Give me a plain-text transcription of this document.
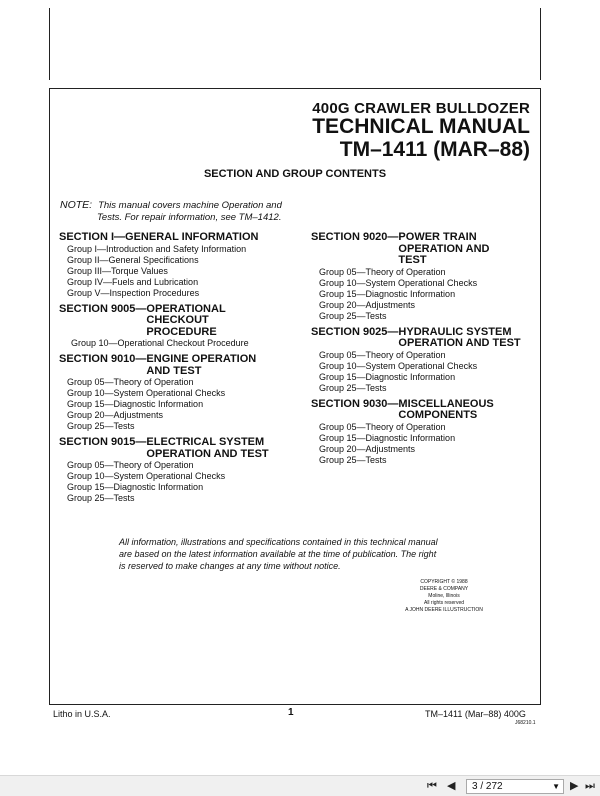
400G CRAWLER BULLDOZER
TECHNICAL MANUAL
TM–1411 (MAR–88)
SECTION AND GROUP CONTENTS
NOTE: This manual covers machine Operation and
Tests. For repair information, see TM–1412.
SECTION I— GENERAL INFORMATION
Group I—Introduction and Safety Information
Group II—General Specifications
Group III—Torque Values
Group IV—Fuels and Lubrication
Group V—Inspection Procedures
SECTION 9005— OPERATIONAL
CHECKOUT
PROCEDURE
Group 10—Operational Checkout Procedure
SECTION 9010— ENGINE OPERATION
AND TEST
Group 05—Theory of Operation
Group 10—System Operational Checks
Group 15—Diagnostic Information
Group 20—Adjustments
Group 25—Tests
SECTION 9015— ELECTRICAL SYSTEM
OPERATION AND TEST
Group 05—Theory of Operation
Group 10—System Operational Checks
Group 15—Diagnostic Information
Group 25—Tests
SECTION 9020— POWER TRAIN
OPERATION AND
TEST
Group 05—Theory of Operation
Group 10—System Operational Checks
Group 15—Diagnostic Information
Group 20—Adjustments
Group 25—Tests
SECTION 9025— HYDRAULIC SYSTEM
OPERATION AND TEST
Group 05—Theory of Operation
Group 10—System Operational Checks
Group 15—Diagnostic Information
Group 25—Tests
SECTION 9030— MISCELLANEOUS
COMPONENTS
Group 05—Theory of Operation
Group 15—Diagnostic Information
Group 20—Adjustments
Group 25—Tests
All information, illustrations and specifications contained in this technical manual
are based on the latest information available at the time of publication. The right
is reserved to make changes at any time without notice.
COPYRIGHT © 1988
DEERE & COMPANY
Moline, Illinois
All rights reserved
A JOHN DEERE ILLUSTRUCTION
Litho in U.S.A.	1	TM–1411 (Mar–88) 400G
J68210.1
⏮ ◀ 3 / 272	▼ ▶ ⏭
